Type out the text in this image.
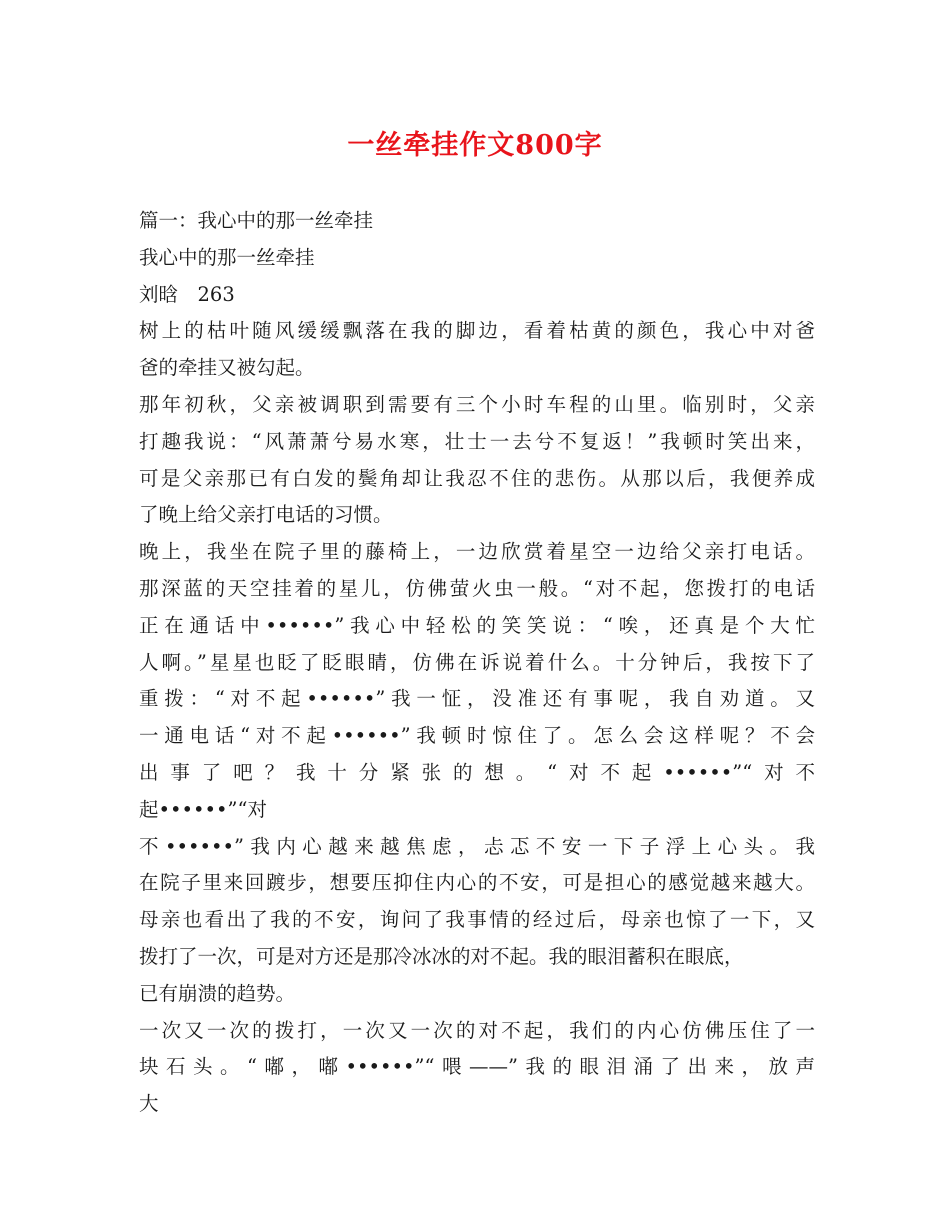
一丝牵挂作文800字
篇一：我心中的那一丝牵挂
我心中的那一丝牵挂
刘晗　263
树上的枯叶随风缓缓飘落在我的脚边，看着枯黄的颜色，我心中对爸
爸的牵挂又被勾起。
那年初秋，父亲被调职到需要有三个小时车程的山里。临别时，父亲
打趣我说：“风萧萧兮易水寒，壮士一去兮不复返！”我顿时笑出来，
可是父亲那已有白发的鬓角却让我忍不住的悲伤。从那以后，我便养成
了晚上给父亲打电话的习惯。
晚上，我坐在院子里的藤椅上，一边欣赏着星空一边给父亲打电话。
那深蓝的天空挂着的星儿，仿佛萤火虫一般。“对不起，您拨打的电话
正在通话中••••••”我心中轻松的笑笑说：“唉，还真是个大忙
人啊。”星星也眨了眨眼睛，仿佛在诉说着什么。十分钟后，我按下了
重拨：“对不起••••••”我一怔，没准还有事呢，我自劝道。又
一通电话“对不起••••••”我顿时惊住了。怎么会这样呢？不会
出事了吧？我十分紧张的想。“对不起••••••”“对不
起••••••”“对
不••••••”我内心越来越焦虑，忐忑不安一下子浮上心头。我
在院子里来回踱步，想要压抑住内心的不安，可是担心的感觉越来越大。
母亲也看出了我的不安，询问了我事情的经过后，母亲也惊了一下，又
拨打了一次，可是对方还是那冷冰冰的对不起。我的眼泪蓄积在眼底，
已有崩溃的趋势。
一次又一次的拨打，一次又一次的对不起，我们的内心仿佛压住了一
块石头。“嘟，嘟••••••”“喂——”我的眼泪涌了出来，放声
大
